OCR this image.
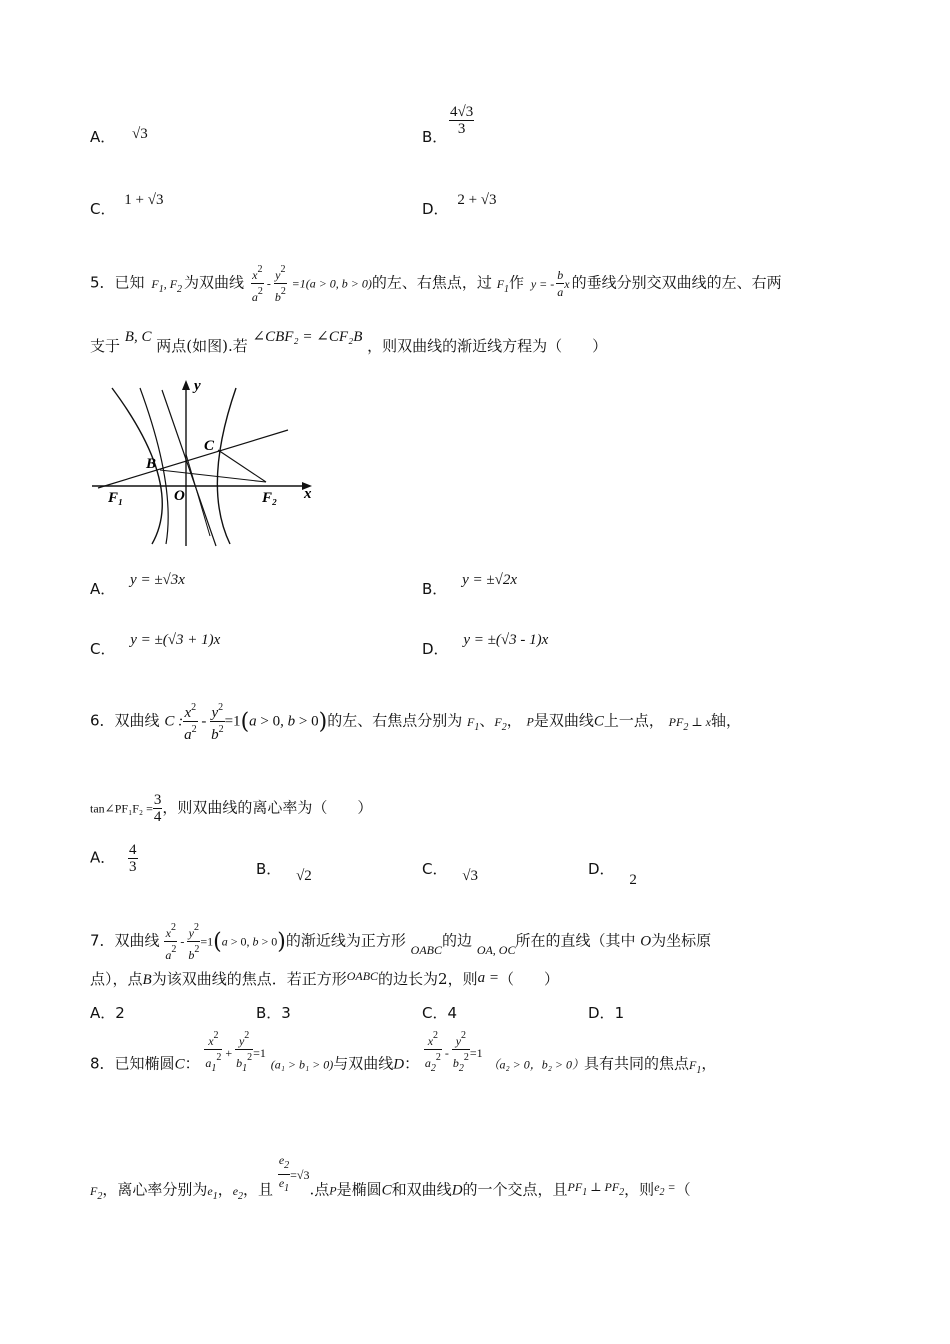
A． √3	B． $\frac{4√3}{3}$
C． 1 + √3	D． 2 + √3
5．已知 $F_1$, $F_2$ 为双曲线 $\frac{x^2}{a^2} - \frac{y^2}{b^2} =1(a > 0$, b > 0)的左、右焦点，过 $F_1$作 y = - $\frac{b}{a}$ x 的垂线分别交双曲线的左、右两
支于 B, C 两点(如图).若 ∠CBF₂ = ∠CF₂B ，则双曲线的渐近线方程为（　　）
y
x
O
B
C
F₁	F₂
A． y = ±√3x	B． y = ±√2x
C． y = ±(√3 + 1)x	D． y = ±(√3 - 1)x
6．双曲线 C : $\frac{x^2}{a^2} - \frac{y^2}{b^2} =1(a > 0$, b > 0)的左、右焦点分别为 $F_1$、$F_2$， P是双曲线C上一点， $PF_2$ ⊥ x轴，
tan∠PF₁F₂ = $\frac{3}{4}$ ，则双曲线的离心率为（　　）
A． $\frac{4}{3}$	B． √2	C． √3	D． 2
7．双曲线 $\frac{x^2}{a^2} - \frac{y^2}{b^2} =1(a > 0$, b > 0)的渐近线为正方形 $_{OABC}$的边 $_{OA, OC}$所在的直线（其中 O为坐标原
点），点B为该双曲线的焦点．若正方形$^{OABC}$的边长为2，则a =（　　）
A．2	B．3	C．4	D．1
8．已知椭圆C： $\frac{x^2}{a_1^2} ^+ \frac{y^2}{b_1^2} ^{=1}$ (a₁ > b₁ > 0)与双曲线D： $\frac{x^2}{a_2^2} ^- \frac{y^2}{b_2^2} ^{=1}$ （a₂ > 0，b₂ > 0）具有共同的焦点$F_1$，
$F_2$，离心率分别为$e_1$，$e_2$，且 $\frac{e_2}{e_1} ^{=√3}$.点P是椭圆C和双曲线D的一个交点，且$^{PF_1 \perp PF_2}$，则$^{e_2 =}$（
